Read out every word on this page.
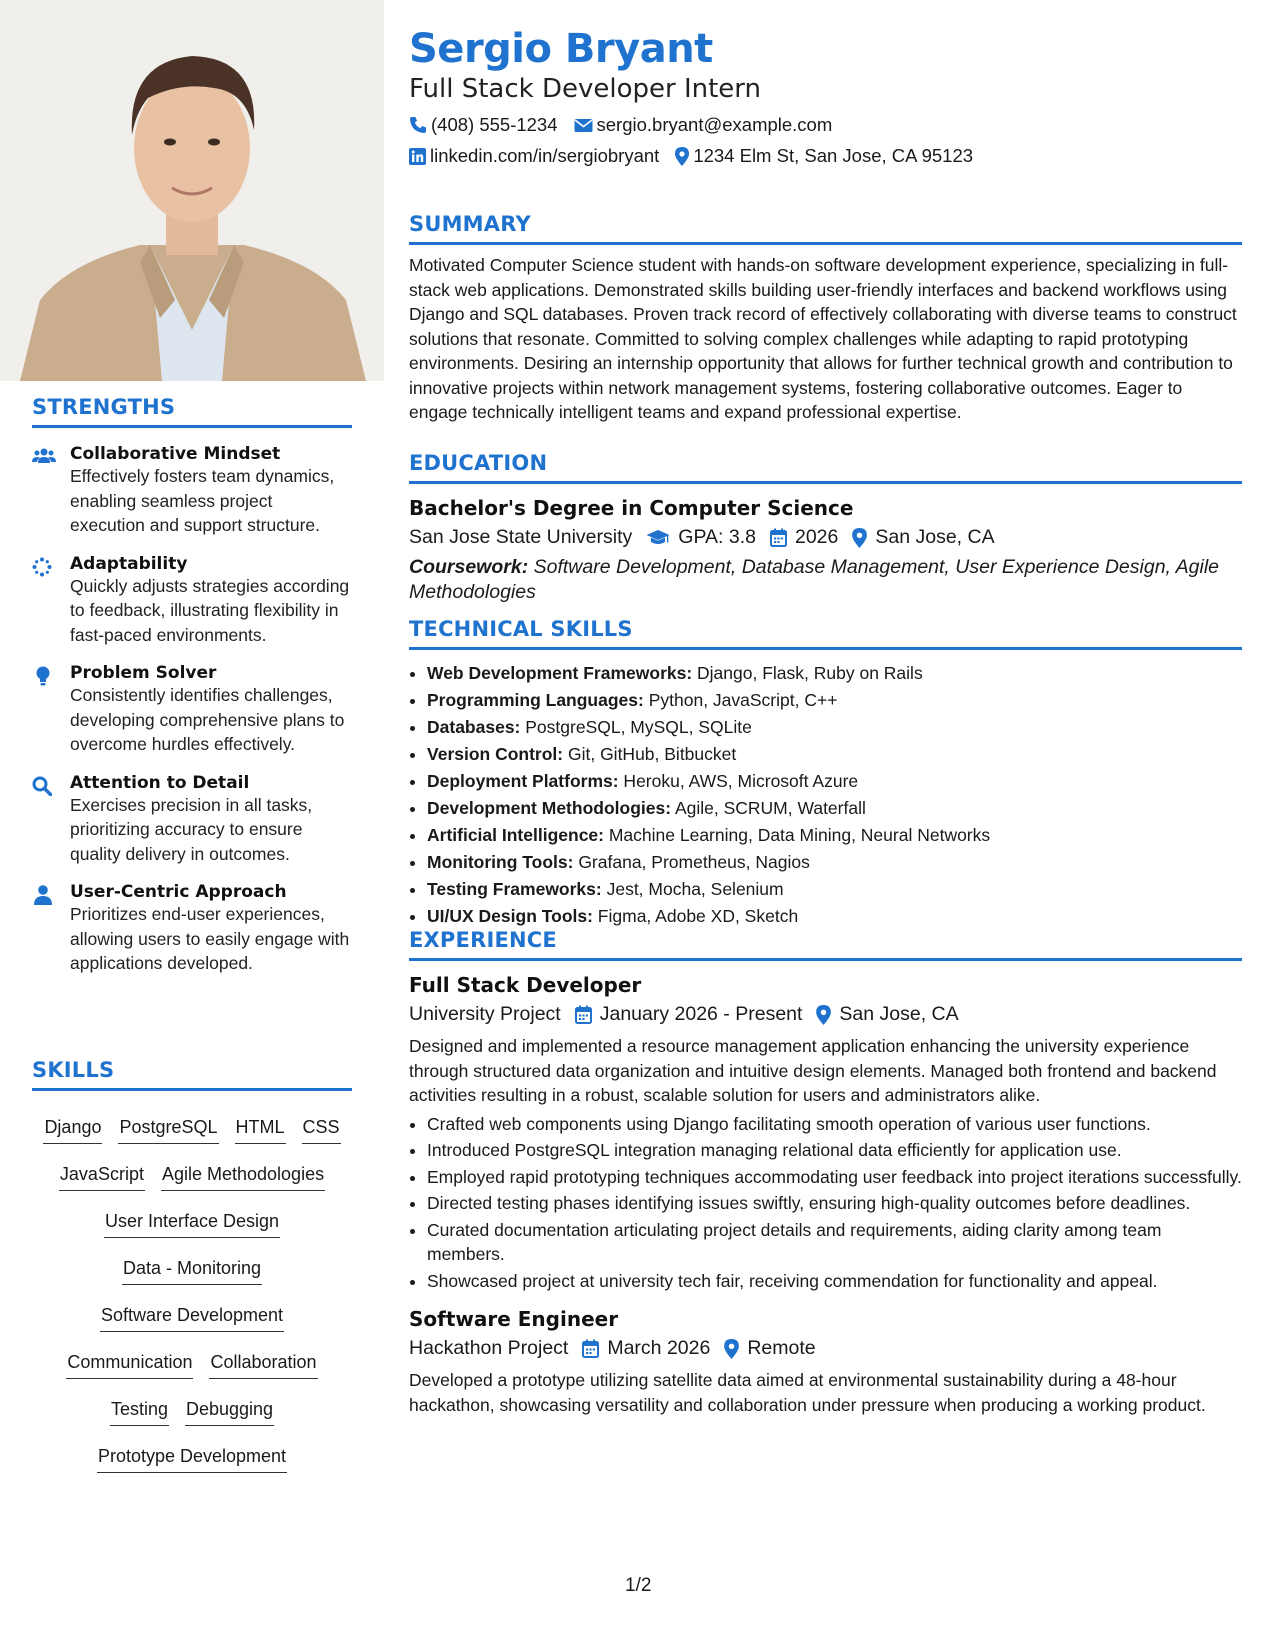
STRENGTHS
Collaborative Mindset
Effectively fosters team dynamics, enabling seamless project execution and support structure.
Adaptability
Quickly adjusts strategies according to feedback, illustrating flexibility in fast-paced environments.
Problem Solver
Consistently identifies challenges, developing comprehensive plans to overcome hurdles effectively.
Attention to Detail
Exercises precision in all tasks, prioritizing accuracy to ensure quality delivery in outcomes.
User-Centric Approach
Prioritizes end-user experiences, allowing users to easily engage with applications developed.
SKILLS
Django PostgreSQL HTML CSS
JavaScript Agile Methodologies
User Interface Design
Data - Monitoring
Software Development
Communication Collaboration
Testing Debugging
Prototype Development
Sergio Bryant
Full Stack Developer Intern
(408) 555-1234 sergio.bryant@example.com
linkedin.com/in/sergiobryant 1234 Elm St, San Jose, CA 95123
SUMMARY

Motivated Computer Science student with hands-on software development experience, specializing in full-stack web applications. Demonstrated skills building user-friendly interfaces and backend workflows using Django and SQL databases. Proven track record of effectively collaborating with diverse teams to construct solutions that resonate. Committed to solving complex challenges while adapting to rapid prototyping environments. Desiring an internship opportunity that allows for further technical growth and contribution to innovative projects within network management systems, fostering collaborative outcomes. Eager to engage technically intelligent teams and expand professional expertise.

EDUCATION
Bachelor's Degree in Computer Science
San Jose State University GPA: 3.8 2026 San Jose, CA
Coursework: Software Development, Database Management, User Experience Design, Agile Methodologies
TECHNICAL SKILLS
• Web Development Frameworks: Django, Flask, Ruby on Rails
• Programming Languages: Python, JavaScript, C++
• Databases: PostgreSQL, MySQL, SQLite
• Version Control: Git, GitHub, Bitbucket
• Deployment Platforms: Heroku, AWS, Microsoft Azure
• Development Methodologies: Agile, SCRUM, Waterfall
• Artificial Intelligence: Machine Learning, Data Mining, Neural Networks
• Monitoring Tools: Grafana, Prometheus, Nagios
• Testing Frameworks: Jest, Mocha, Selenium
• UI/UX Design Tools: Figma, Adobe XD, Sketch
EXPERIENCE
Full Stack Developer
University Project January 2026 - Present San Jose, CA

Designed and implemented a resource management application enhancing the university experience through structured data organization and intuitive design elements. Managed both frontend and backend activities resulting in a robust, scalable solution for users and administrators alike.

• Crafted web components using Django facilitating smooth operation of various user functions.
• Introduced PostgreSQL integration managing relational data efficiently for application use.
• Employed rapid prototyping techniques accommodating user feedback into project iterations successfully.
• Directed testing phases identifying issues swiftly, ensuring high-quality outcomes before deadlines.
• Curated documentation articulating project details and requirements, aiding clarity among team members.
• Showcased project at university tech fair, receiving commendation for functionality and appeal.
Software Engineer
Hackathon Project March 2026 Remote

Developed a prototype utilizing satellite data aimed at environmental sustainability during a 48-hour hackathon, showcasing versatility and collaboration under pressure when producing a working product.

1/2
